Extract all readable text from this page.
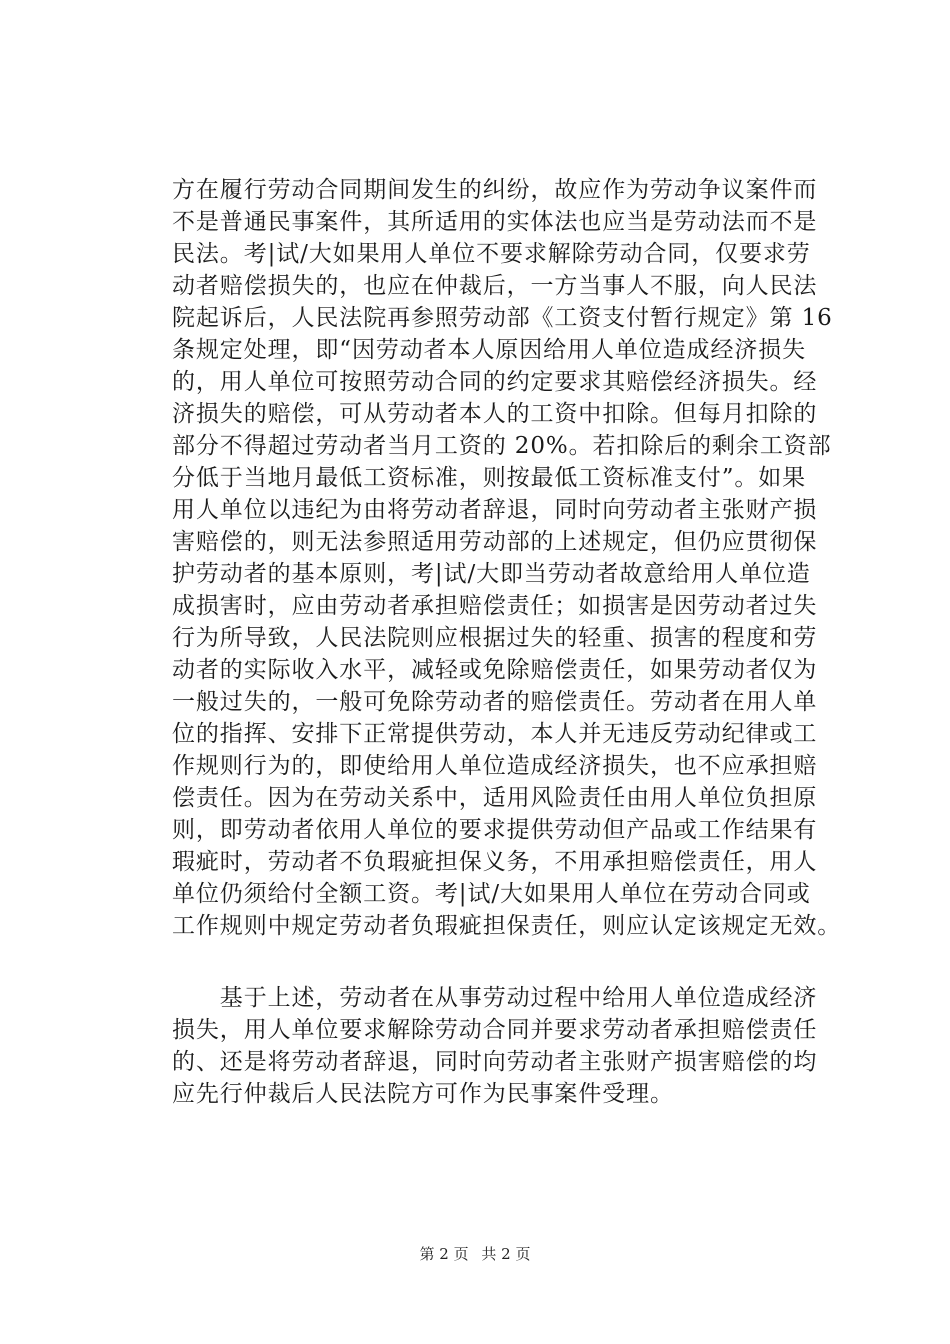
方在履行劳动合同期间发生的纠纷，故应作为劳动争议案件而
不是普通民事案件，其所适用的实体法也应当是劳动法而不是
民法。考|试/大如果用人单位不要求解除劳动合同，仅要求劳
动者赔偿损失的，也应在仲裁后，一方当事人不服，向人民法
院起诉后，人民法院再参照劳动部《工资支付暂行规定》第 16
条规定处理，即“因劳动者本人原因给用人单位造成经济损失
的，用人单位可按照劳动合同的约定要求其赔偿经济损失。经
济损失的赔偿，可从劳动者本人的工资中扣除。但每月扣除的
部分不得超过劳动者当月工资的 20%。若扣除后的剩余工资部
分低于当地月最低工资标准，则按最低工资标准支付”。如果
用人单位以违纪为由将劳动者辞退，同时向劳动者主张财产损
害赔偿的，则无法参照适用劳动部的上述规定，但仍应贯彻保
护劳动者的基本原则，考|试/大即当劳动者故意给用人单位造
成损害时，应由劳动者承担赔偿责任；如损害是因劳动者过失
行为所导致，人民法院则应根据过失的轻重、损害的程度和劳
动者的实际收入水平，减轻或免除赔偿责任，如果劳动者仅为
一般过失的，一般可免除劳动者的赔偿责任。劳动者在用人单
位的指挥、安排下正常提供劳动，本人并无违反劳动纪律或工
作规则行为的，即使给用人单位造成经济损失，也不应承担赔
偿责任。因为在劳动关系中，适用风险责任由用人单位负担原
则，即劳动者依用人单位的要求提供劳动但产品或工作结果有
瑕疵时，劳动者不负瑕疵担保义务，不用承担赔偿责任，用人
单位仍须给付全额工资。考|试/大如果用人单位在劳动合同或
工作规则中规定劳动者负瑕疵担保责任，则应认定该规定无效。
　　基于上述，劳动者在从事劳动过程中给用人单位造成经济
损失，用人单位要求解除劳动合同并要求劳动者承担赔偿责任
的、还是将劳动者辞退，同时向劳动者主张财产损害赔偿的均
应先行仲裁后人民法院方可作为民事案件受理。
第 2 页 共 2 页
